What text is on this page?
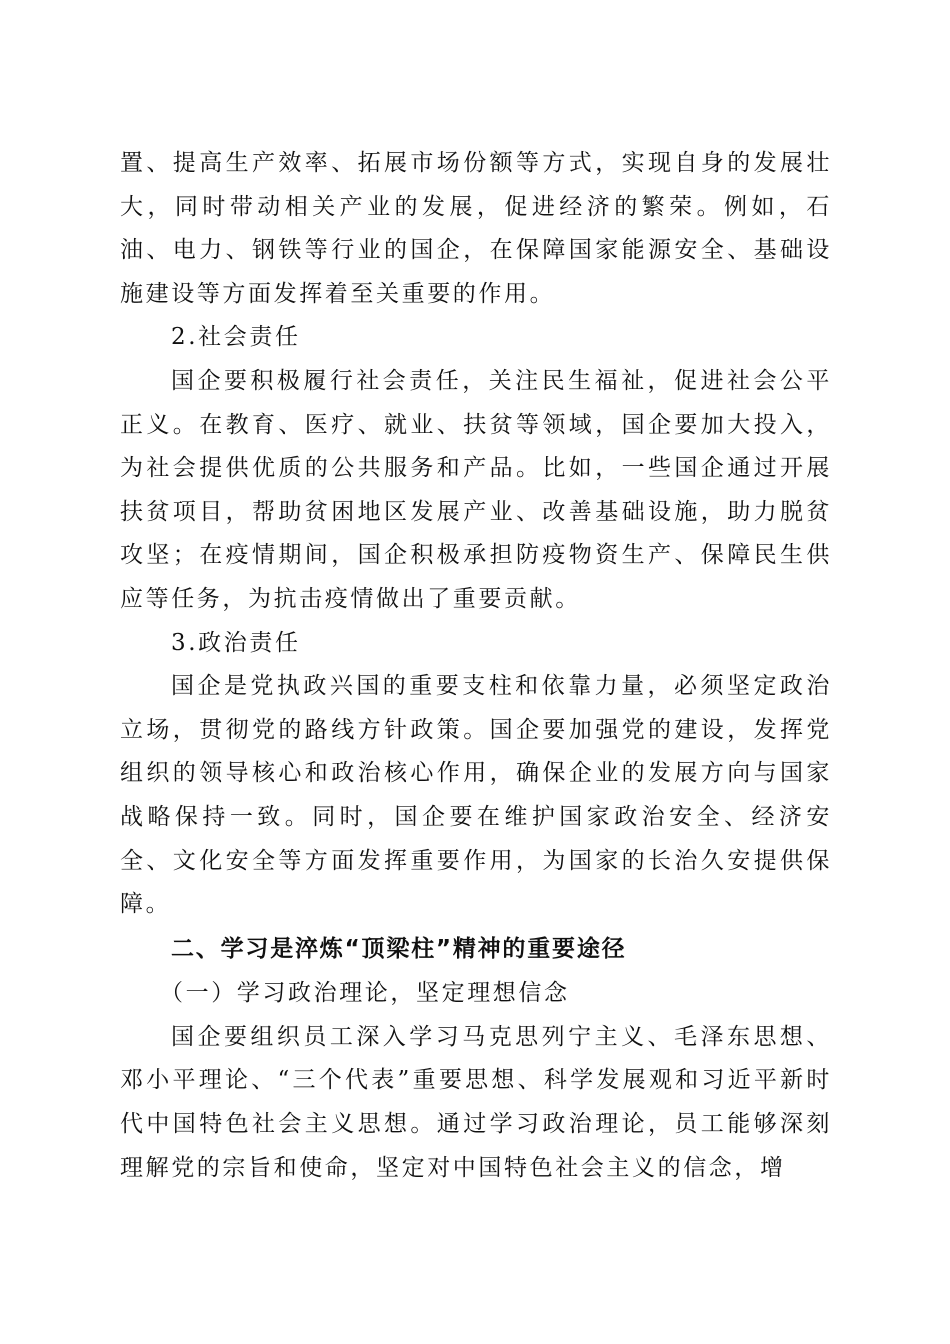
置、提高生产效率、拓展市场份额等方式，实现自身的发展壮大，同时带动相关产业的发展，促进经济的繁荣。例如，石油、电力、钢铁等行业的国企，在保障国家能源安全、基础设施建设等方面发挥着至关重要的作用。

2.社会责任

国企要积极履行社会责任，关注民生福祉，促进社会公平正义。在教育、医疗、就业、扶贫等领域，国企要加大投入，为社会提供优质的公共服务和产品。比如，一些国企通过开展扶贫项目，帮助贫困地区发展产业、改善基础设施，助力脱贫攻坚；在疫情期间，国企积极承担防疫物资生产、保障民生供应等任务，为抗击疫情做出了重要贡献。

3.政治责任

国企是党执政兴国的重要支柱和依靠力量，必须坚定政治立场，贯彻党的路线方针政策。国企要加强党的建设，发挥党组织的领导核心和政治核心作用，确保企业的发展方向与国家战略保持一致。同时，国企要在维护国家政治安全、经济安全、文化安全等方面发挥重要作用，为国家的长治久安提供保障。

二、学习是淬炼“顶梁柱”精神的重要途径

（一）学习政治理论，坚定理想信念

国企要组织员工深入学习马克思列宁主义、毛泽东思想、邓小平理论、“三个代表”重要思想、科学发展观和习近平新时代中国特色社会主义思想。通过学习政治理论，员工能够深刻理解党的宗旨和使命，坚定对中国特色社会主义的信念，增
